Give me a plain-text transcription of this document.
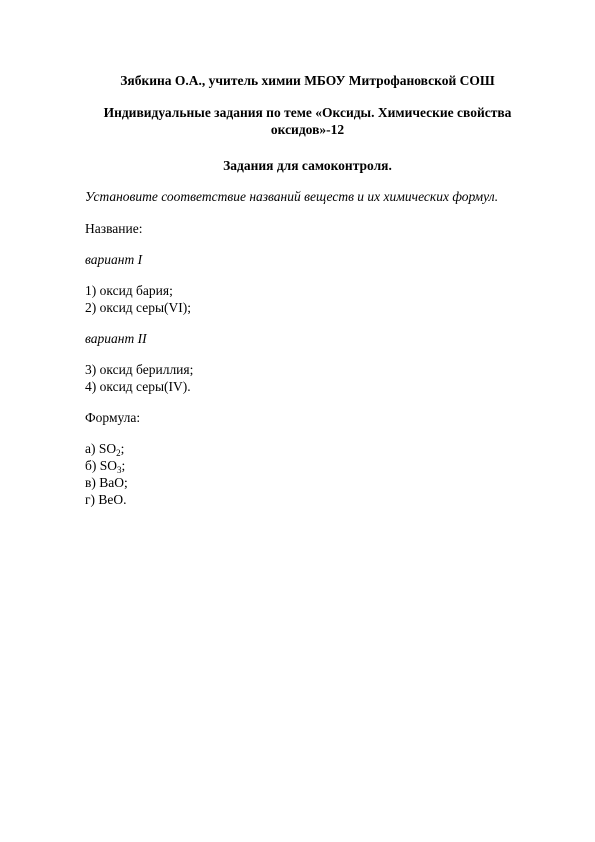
Зябкина О.А., учитель химии МБОУ Митрофановской СОШ
Индивидуальные задания по теме «Оксиды. Химические свойства оксидов»-12
Задания для самоконтроля.
Установите соответствие названий веществ и их химических формул.
Название:
вариант I
1) оксид бария;
2) оксид серы(VI);
вариант II
3) оксид бериллия;
4) оксид серы(IV).
Формула:
а) $SO_2$;
б) $SO_3$;
в) BaO;
г) BeO.
